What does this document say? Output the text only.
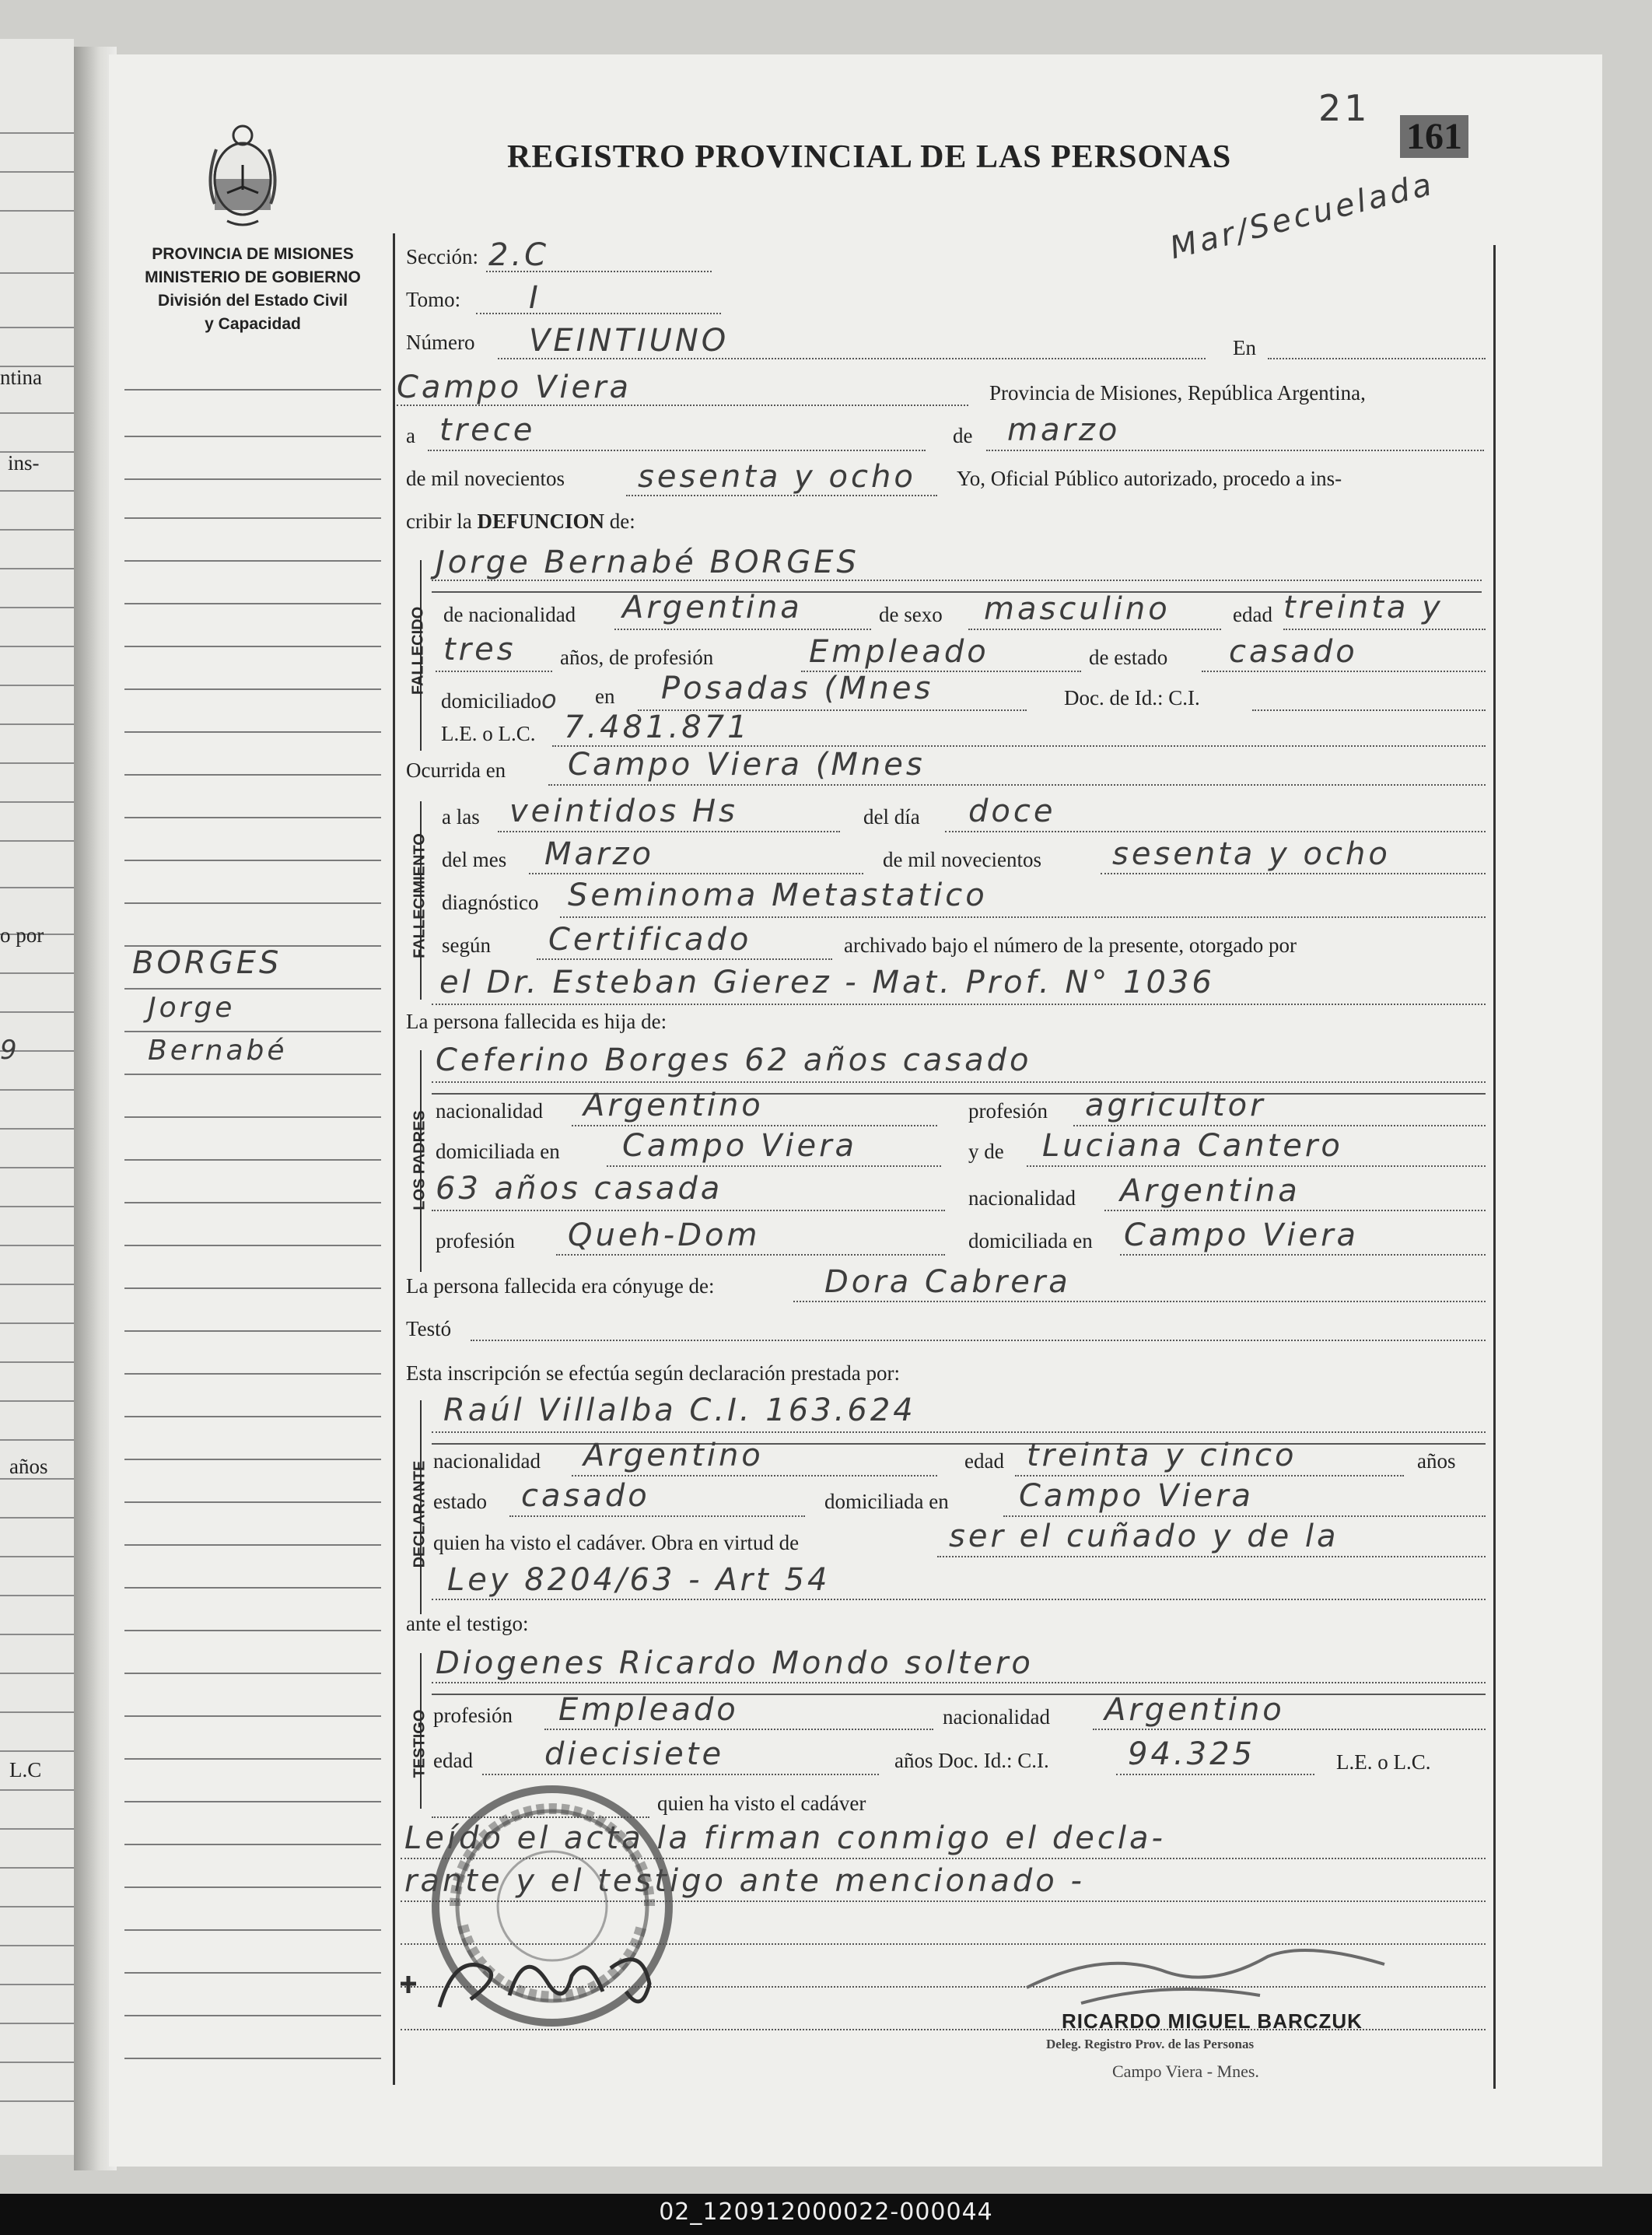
ntina
ins-
o por
9
años
L.C
PROVINCIA DE MISIONES
MINISTERIO DE GOBIERNO
División del Estado Civil
y Capacidad
BORGES
Jorge
Bernabé
REGISTRO PROVINCIAL DE LAS PERSONAS
21
161
Mar/Secuelada
Sección: 2.C
Tomo: I
Número VEINTIUNO	En
Campo Viera	Provincia de Misiones, República Argentina,
a trece	de marzo
de mil novecientos sesenta y ocho Yo, Oficial Público autorizado, procedo a ins-
cribir la DEFUNCION de:
FALLECIDO
Jorge Bernabé BORGES
de nacionalidad Argentina	de sexo masculino	edad treinta y
tres años, de profesión	Empleado	de estado casado
domiciliadoo en Posadas (Mnes	Doc. de Id.: C.I.
L.E. o L.C. 7.481.871
Ocurrida en Campo Viera (Mnes
FALLECIMIENTO
a las veintidos Hs	del día doce
del mes Marzo	de mil novecientos sesenta y ocho
diagnóstico Seminoma Metastatico
según Certificado	archivado bajo el número de la presente, otorgado por
el Dr. Esteban Gierez - Mat. Prof. N° 1036
La persona fallecida es hija de:
LOS PADRES
Ceferino Borges 62 años casado
nacionalidad Argentino	profesión agricultor
domiciliada en Campo Viera	y de Luciana Cantero
63 años casada	nacionalidad Argentina
profesión Queh-Dom	domiciliada en Campo Viera
La persona fallecida era cónyuge de:	Dora Cabrera
Testó
Esta inscripción se efectúa según declaración prestada por:
DECLARANTE
Raúl Villalba C.I. 163.624
nacionalidad Argentino	edad treinta y cinco	años
estado casado	domiciliada en Campo Viera
quien ha visto el cadáver. Obra en virtud de	ser el cuñado y de la
Ley 8204/63 - Art 54
ante el testigo:
TESTIGO
Diogenes Ricardo Mondo soltero
profesión Empleado	nacionalidad Argentino
edad diecisiete	años Doc. Id.: C.I.	94.325	L.E. o L.C.
quien ha visto el cadáver
Leído el acta la firman conmigo el decla-
rante y el testigo ante mencionado -
RICARDO MIGUEL BARCZUK
Deleg. Registro Prov. de las Personas
Campo Viera - Mnes.
02_120912000022-000044
